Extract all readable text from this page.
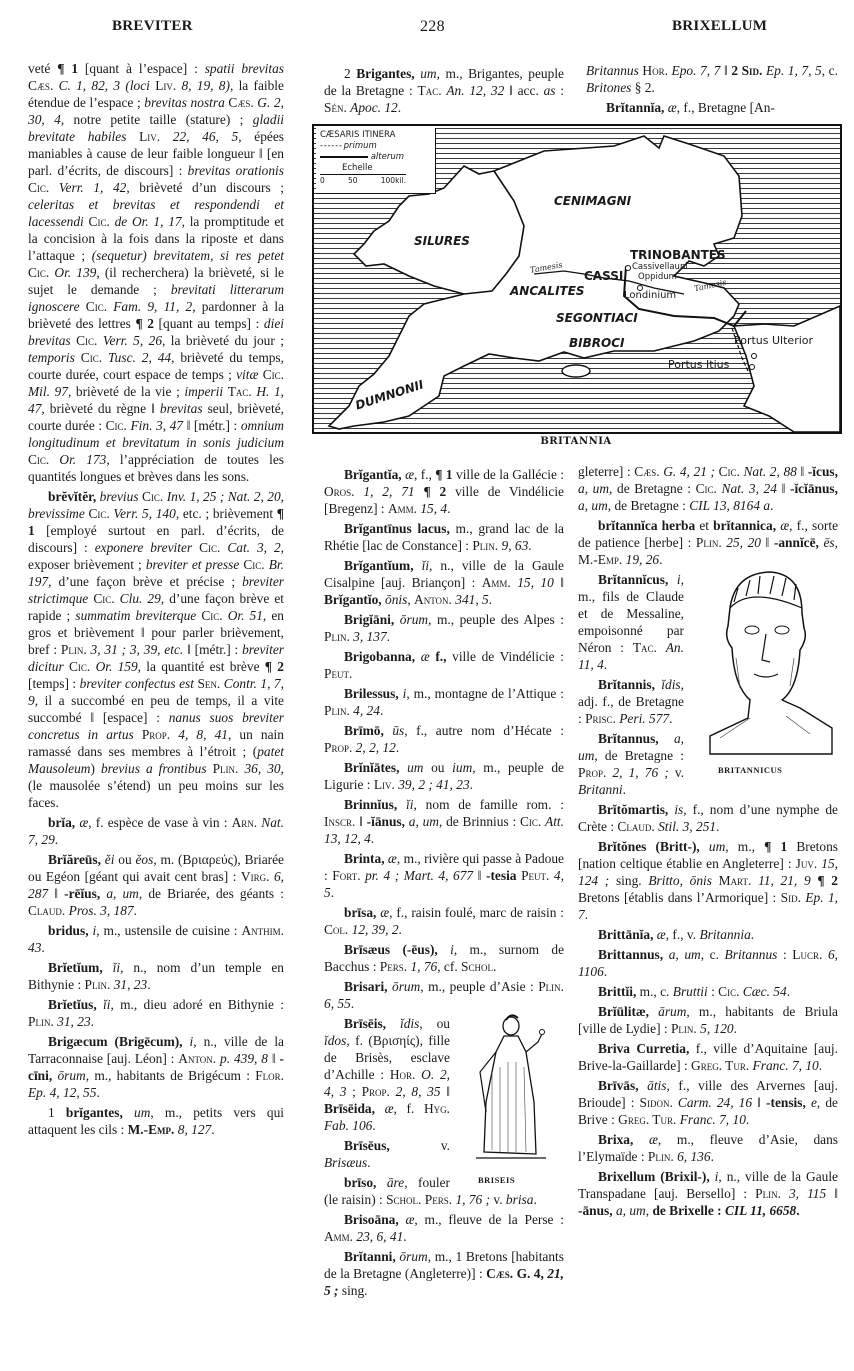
BREVITER	228	BRIXELLUM

veté ¶ 1 [quant à l’espace] : spatii brevitas Cæs. C. 1, 82, 3 (loci Liv. 8, 19, 8), la faible étendue de l’espace ; brevitas nostra Cæs. G. 2, 30, 4, notre petite taille (stature) ; gladii brevitate habiles Liv. 22, 46, 5, épées maniables à cause de leur faible longueur ‖ [en parl. d’écrits, de discours] : brevitas orationis Cic. Verr. 1, 42, brièveté d’un discours ; celeritas et brevitas et respondendi et lacessendi Cic. de Or. 1, 17, la promptitude et la concision à la fois dans la riposte et dans l’attaque ; (sequetur) brevitatem, si res petet Cic. Or. 139, (il recherchera) la brièveté, si le sujet le demande ; brevitati litterarum ignoscere Cic. Fam. 9, 11, 2, pardonner à la brièveté des lettres ¶ 2 [quant au temps] : diei brevitas Cic. Verr. 5, 26, la brièveté du jour ; temporis Cic. Tusc. 2, 44, brièveté du temps, courte durée, court espace de temps ; vitæ Cic. Mil. 97, brièveté de la vie ; imperii Tac. H. 1, 47, brièveté du règne ‖ brevitas seul, brièveté, courte durée : Cic. Fin. 3, 47 ‖ [métr.] : omnium longitudinum et brevitatum in sonis judicium Cic. Or. 173, l’appréciation de toutes les quantités longues et brèves dans les sons.

brĕvĭtĕr, brevius Cic. Inv. 1, 25 ; Nat. 2, 20, brevissime Cic. Verr. 5, 140, etc. ; brièvement ¶ 1 [employé surtout en parl. d’écrits, de discours] : exponere breviter Cic. Cat. 3, 2, exposer brièvement ; breviter et presse Cic. Br. 197, d’une façon brève et précise ; breviter strictimque Cic. Clu. 29, d’une façon brève et rapide ; summatim breviterque Cic. Or. 51, en gros et brièvement ‖ pour parler brièvement, bref : Plin. 3, 31 ; 3, 39, etc. ‖ [métr.] : breviter dicitur Cic. Or. 159, la quantité est brève ¶ 2 [temps] : breviter confectus est Sen. Contr. 1, 7, 9, il a succombé en peu de temps, il a vite succombé ‖ [espace] : nanus suos breviter concretus in artus Prop. 4, 8, 41, un nain ramassé dans ses membres à l’étroit ; (patet Mausoleum) brevius a frontibus Plin. 36, 30, (le mausolée s’étend) un peu moins sur les faces.

brĭa, æ, f. espèce de vase à vin : Arn. Nat. 7, 29.

Brĭăreūs, ĕi ou ĕos, m. (Βριαρεύς), Briarée ou Egéon [géant qui avait cent bras] : Virg. 6, 287 ‖ -rēĭus, a, um, de Briarée, des géants : Claud. Pros. 3, 187.

bridus, i, m., ustensile de cuisine : Anthim. 43.

Brĭetĭum, ĭi, n., nom d’un temple en Bithynie : Plin. 31, 23.

Brĭetĭus, ĭi, m., dieu adoré en Bithynie : Plin. 31, 23.

Brigæcum (Brigēcum), i, n., ville de la Tarraconnaise [auj. Léon] : Anton. p. 439, 8 ‖ -cīni, ōrum, m., habitants de Brigécum : Flor. Ep. 4, 12, 55.

1 brĭgantes, um, m., petits vers qui attaquent les cils : M.-Emp. 8, 127.

2 Brigantes, um, m., Brigantes, peuple de la Bretagne : Tac. An. 12, 32 ‖ acc. as : Sén. Apoc. 12.

Britannus Hor. Epo. 7, 7 ‖ 2 Sid. Ep. 1, 7, 5, c. Britones § 2.

Brĭtannĭa, æ, f., Bretagne [An-

CÆSARIS ITINERA
- - - - - - primum
alterum
Echelle
0	50	100kil.
CENIMAGNI
SILURES
TRINOBANTES
CASSI
ANCALITES
SEGONTIACI
BIBROCI
DUMNONII
Cassivellauni
Oppidum
Londinium
Tamesis
Tamesis
Portus Ulterior
Portus Itius
BRITANNIA

Brĭgantĭa, æ, f., ¶ 1 ville de la Gallécie : Oros. 1, 2, 71 ¶ 2 ville de Vindélicie [Bregenz] : Amm. 15, 4.

Brĭgantīnus lacus, m., grand lac de la Rhétie [lac de Constance] : Plin. 9, 63.

Brĭgantĭum, ĭi, n., ville de la Gaule Cisalpine [auj. Briançon] : Amm. 15, 10 ‖ Brĭgantĭo, ōnis, Anton. 341, 5.

Brigĭāni, ōrum, m., peuple des Alpes : Plin. 3, 137.

Brigobanna, æ f., ville de Vindélicie : Peut.

Brilessus, i, m., montagne de l’Attique : Plin. 4, 24.

Brīmō, ūs, f., autre nom d’Hécate : Prop. 2, 2, 12.

Brĭnĭātes, um ou ium, m., peuple de Ligurie : Liv. 39, 2 ; 41, 23.

Brinnĭus, ĭi, nom de famille rom. : Inscr. ‖ -ĭānus, a, um, de Brinnius : Cic. Att. 13, 12, 4.

Brinta, æ, m., rivière qui passe à Padoue : Fort. pr. 4 ; Mart. 4, 677 ‖ -tesia Peut. 4, 5.

brīsa, æ, f., raisin foulé, marc de raisin : Col. 12, 39, 2.

Brīsæus (-ēus), i, m., surnom de Bacchus : Pers. 1, 76, cf. Schol.

Brisari, ōrum, m., peuple d’Asie : Plin. 6, 55.

BRISEIS

Brīsēis, ĭdis, ou ĭdos, f. (Βρισηίς), fille de Brisès, esclave d’Achille : Hor. O. 2, 4, 3 ; Prop. 2, 8, 35 ‖ Brīsēida, æ, f. Hyg. Fab. 106.

Brīsēus, v. Brisæus.

brīso, āre, fouler (le raisin) : Schol. Pers. 1, 76 ; v. brisa.

Brisoāna, æ, m., fleuve de la Perse : Amm. 23, 6, 41.

Brĭtanni, ōrum, m., 1 Bretons [habitants de la Bretagne (Angleterre)] : Cæs. G. 4, 21, 5 ; sing.

gleterre] : Cæs. G. 4, 21 ; Cic. Nat. 2, 88 ‖ -ĭcus, a, um, de Bretagne : Cic. Nat. 3, 24 ‖ -ĭcĭānus, a, um, de Bretagne : CIL 13, 8164 a.

brĭtannĭca herba et brĭtannica, æ, f., sorte de patience [herbe] : Plin. 25, 20 ‖ -annĭcē, ēs, M.-Emp. 19, 26.

BRITANNICUS

Brĭtannĭcus, i, m., fils de Claude et de Messaline, empoisonné par Néron : Tac. An. 11, 4.

Brĭtannis, ĭdis, adj. f., de Bretagne : Prisc. Peri. 577.

Brĭtannus, a, um, de Bretagne : Prop. 2, 1, 76 ; v. Britanni.

Brĭtŏmartis, is, f., nom d’une nymphe de Crète : Claud. Stil. 3, 251.

Brĭtŏnes (Britt-), um, m., ¶ 1 Bretons [nation celtique établie en Angleterre] : Juv. 15, 124 ; sing. Britto, ōnis Mart. 11, 21, 9 ¶ 2 Bretons [établis dans l’Armorique] : Sid. Ep. 1, 7.

Brittānĭa, æ, f., v. Britannia.

Brittannus, a, um, c. Britannus : Lucr. 6, 1106.

Brittĭi, m., c. Bruttii : Cic. Cæc. 54.

Brĭūlitæ, ārum, m., habitants de Briula [ville de Lydie] : Plin. 5, 120.

Briva Curretia, f., ville d’Aquitaine [auj. Brive-la-Gaillarde] : Greg. Tur. Franc. 7, 10.

Brīvās, ātis, f., ville des Arvernes [auj. Brioude] : Sidon. Carm. 24, 16 ‖ -tensis, e, de Brive : Greg. Tur. Franc. 7, 10.

Brixa, æ, m., fleuve d’Asie, dans l’Elymaïde : Plin. 6, 136.

Brixellum (Brixil-), i, n., ville de la Gaule Transpadane [auj. Bersello] : Plin. 3, 115 ‖ -ānus, a, um, de Brixelle : CIL 11, 6658.
